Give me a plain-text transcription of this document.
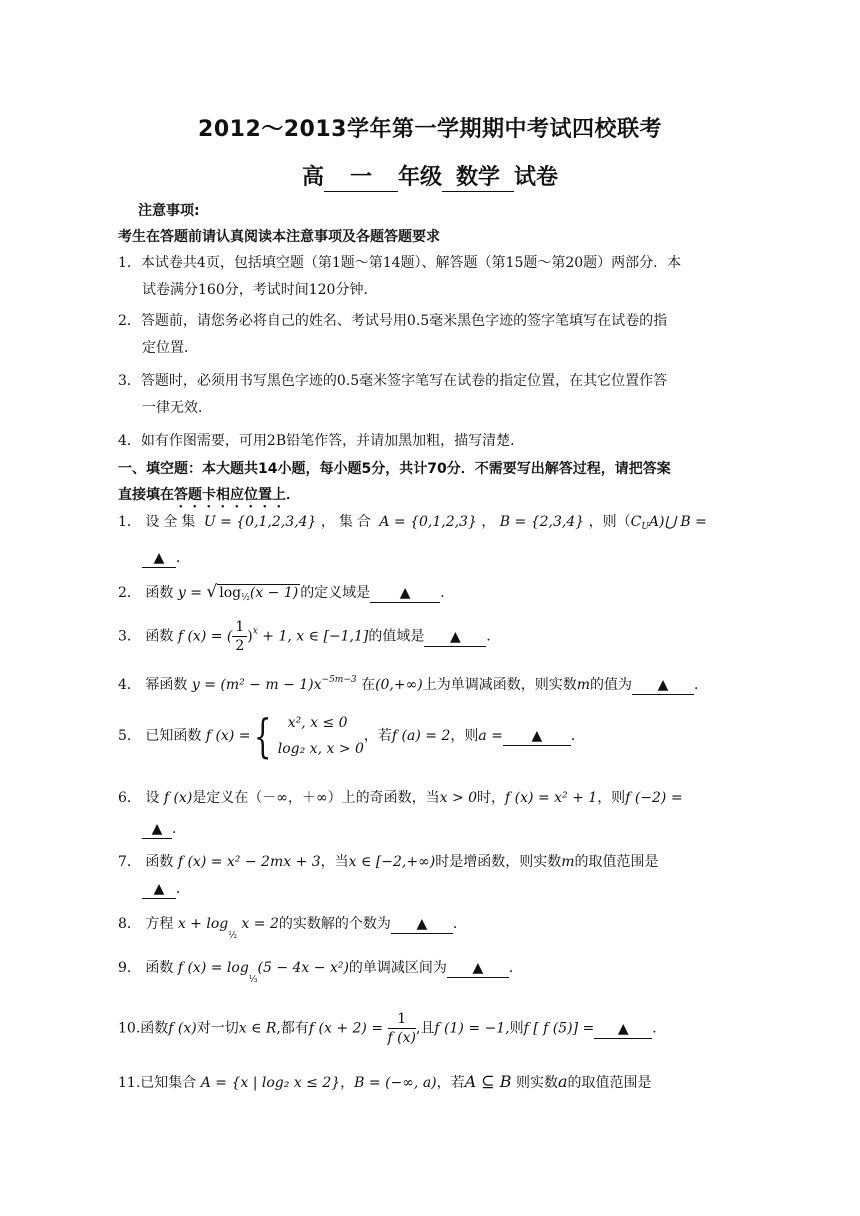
2012～2013学年第一学期期中考试四校联考
高 一 年级 数学 试卷
注意事项:
考生在答题前请认真阅读本注意事项及各题答题要求
1．本试卷共4页，包括填空题（第1题～第14题）、解答题（第15题～第20题）两部分．本
试卷满分160分，考试时间120分钟．
2．答题前，请您务必将自己的姓名、考试号用0.5毫米黑色字迹的签字笔填写在试卷的指
定位置．
3．答题时，必须用书写黑色字迹的0.5毫米签字笔写在试卷的指定位置，在其它位置作答
一律无效．
4．如有作图需要，可用2B铅笔作答，并请加黑加粗，描写清楚．
一、填空题：本大题共14小题，每小题5分，共计70分．不需要写出解答过程，请把答案
直接填在答题卡相应位置上．
1． 设全集 U = {0,1,2,3,4} ，集合 A = {0,1,2,3} ， B = {2,3,4} ，则$(C_UA)⋃$ B =
▲ ．
2． 函数 y = √ $\log_{\frac{1}{2}}(x - 1)$ 的定义域是 ▲ ．
3． 函数 f (x) = ( $\frac{1}{2} )^x + 1$, x ∈ [−1,1]的值域是 ▲ ．
4． 幂函数 $y = (m^2 - m - 1)x^{-5m-3}$ 在(0,+∞)上为单调减函数，则实数m的值为 ▲ ．
5． 已知函数 f (x) ={	x², x ≤ 0
log₂ x, x > 0
，若f (a) = 2，则a = ▲ ．
6． 设 f (x)是定义在（－∞，＋∞）上的奇函数，当x > 0时，f (x) = x² + 1，则f (−2) =
▲ ．
7． 函数 f (x) = x² − 2mx + 3，当x ∈ [−2,+∞)时是增函数，则实数m的取值范围是
▲ ．
8． 方程 $x + \log_{\frac{1}{2}} x = 2$的实数解的个数为 ▲ ．
9． 函数 f $(x) = \log_{\frac{1}{3}}(5 - 4x - x^2)$的单调减区间为 ▲ ．
10.函数f (x)对一切x ∈ R,都有f $(x + 2) = \frac{1}{f (x)}$ ,且f (1) = −1,则f [ f (5)] = ▲ ．
11.已知集合 A = {x | log₂ x ≤ 2}，B = (−∞, a)，若A ⊆ B 则实数a的取值范围是
